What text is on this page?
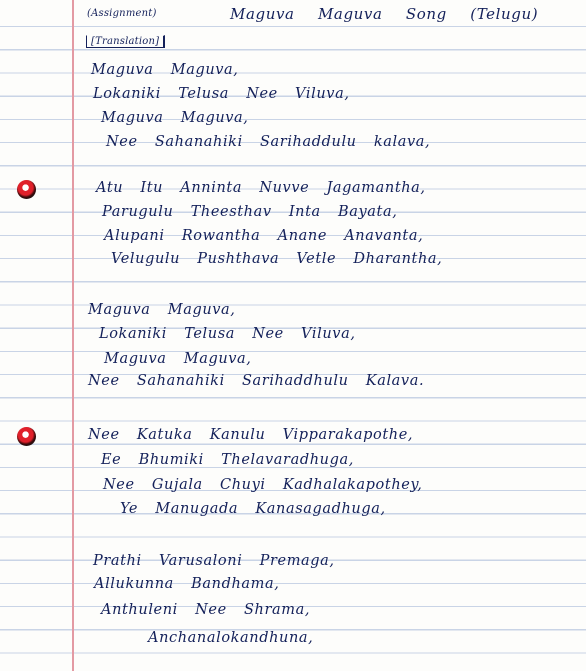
(Assignment)	Maguva Maguva Song (Telugu)
[Translation]
Maguva Maguva,
Lokaniki Telusa Nee Viluva,
Maguva Maguva,
Nee Sahanahiki Sarihaddulu kalava,
Atu Itu Anninta Nuvve Jagamantha,
Parugulu Theesthav Inta Bayata,
Alupani Rowantha Anane Anavanta,
Velugulu Pushthava Vetle Dharantha,
Maguva Maguva,
Lokaniki Telusa Nee Viluva,
Maguva Maguva,
Nee Sahanahiki Sarihaddhulu Kalava.
Nee Katuka Kanulu Vipparakapothe,
Ee Bhumiki Thelavaradhuga,
Nee Gujala Chuyi Kadhalakapothey,
Ye Manugada Kanasagadhuga,
Prathi Varusaloni Premaga,
Allukunna Bandhama,
Anthuleni Nee Shrama,
Anchanalokandhuna,
